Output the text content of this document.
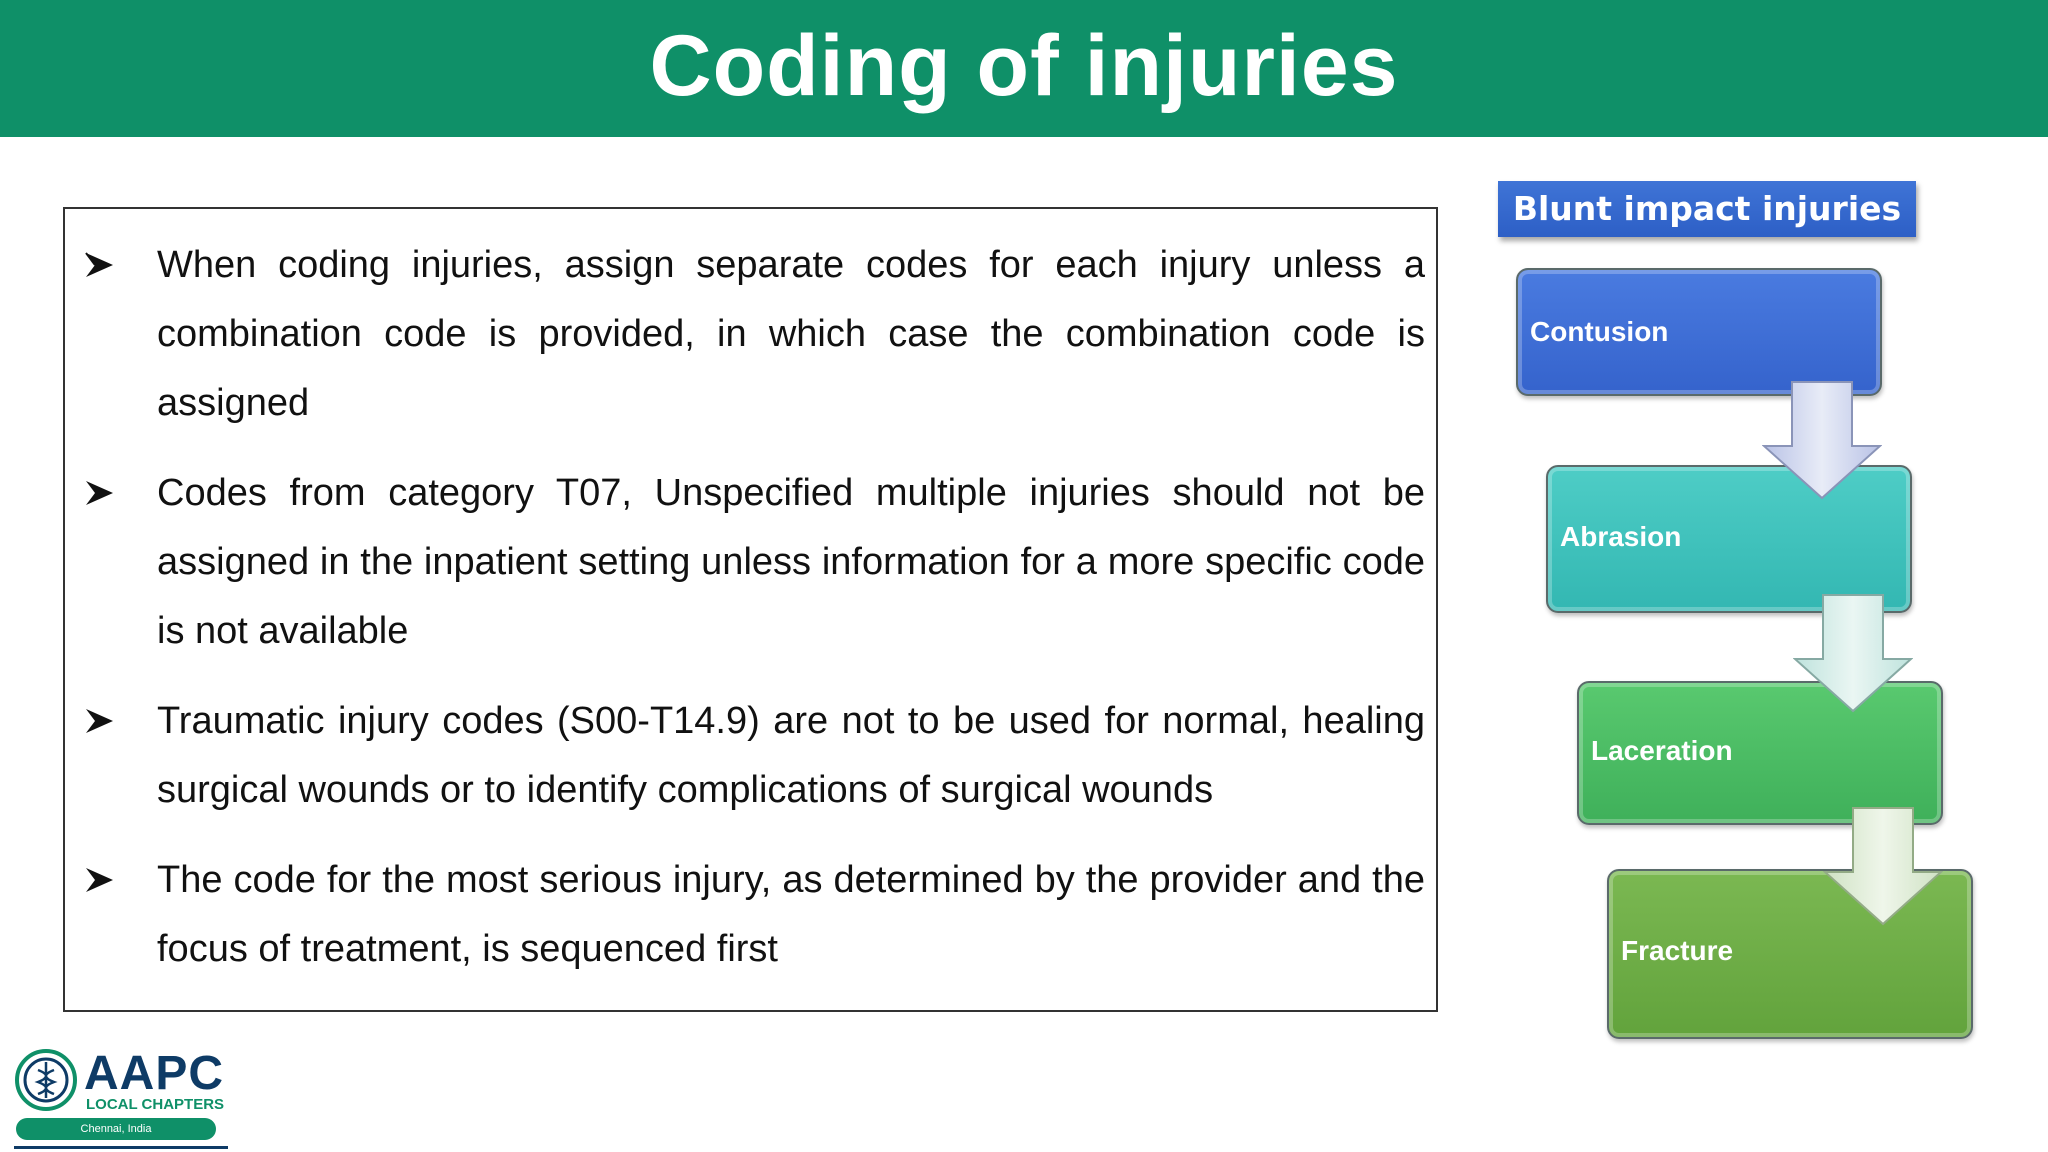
Coding of injuries
When coding injuries, assign separate codes for each injury unless a combination code is provided, in which case the combination code is assigned
Codes from category T07, Unspecified multiple injuries should not be assigned in the inpatient setting unless information for a more specific code is not available
Traumatic injury codes (S00-T14.9) are not to be used for normal, healing surgical wounds or to identify complications of surgical wounds
The code for the most serious injury, as determined by the provider and the focus of treatment, is sequenced first
Blunt impact injuries
Contusion
Abrasion
Laceration
Fracture
AAPC
LOCAL CHAPTERS
Chennai, India
